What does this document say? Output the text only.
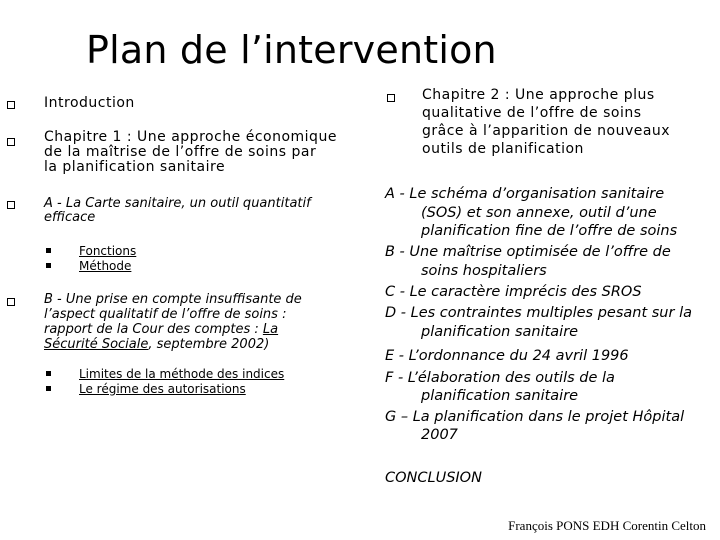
Plan de l’intervention
Introduction
Chapitre 1 : Une approche économique
de la maîtrise de l’offre de soins par
la planification sanitaire
A - La Carte sanitaire, un outil quantitatif
efficace
Fonctions
Méthode
B - Une prise en compte insuffisante de
l’aspect qualitatif de l’offre de soins :
rapport de la Cour des comptes : La
Sécurité Sociale, septembre 2002)
Limites de la méthode des indices
Le régime des autorisations
Chapitre 2 : Une approche plus
qualitative de l’offre de soins
grâce à l’apparition de nouveaux
outils de planification
A - Le schéma d’organisation sanitaire
(SOS) et son annexe, outil d’une
planification fine de l’offre de soins
B - Une maîtrise optimisée de l’offre de
soins hospitaliers
C - Le caractère imprécis des SROS
D - Les contraintes multiples pesant sur la
planification sanitaire
E - L’ordonnance du 24 avril 1996
F - L’élaboration des outils de la
planification sanitaire
G – La planification dans le projet Hôpital
2007
CONCLUSION
François PONS EDH Corentin Celton
